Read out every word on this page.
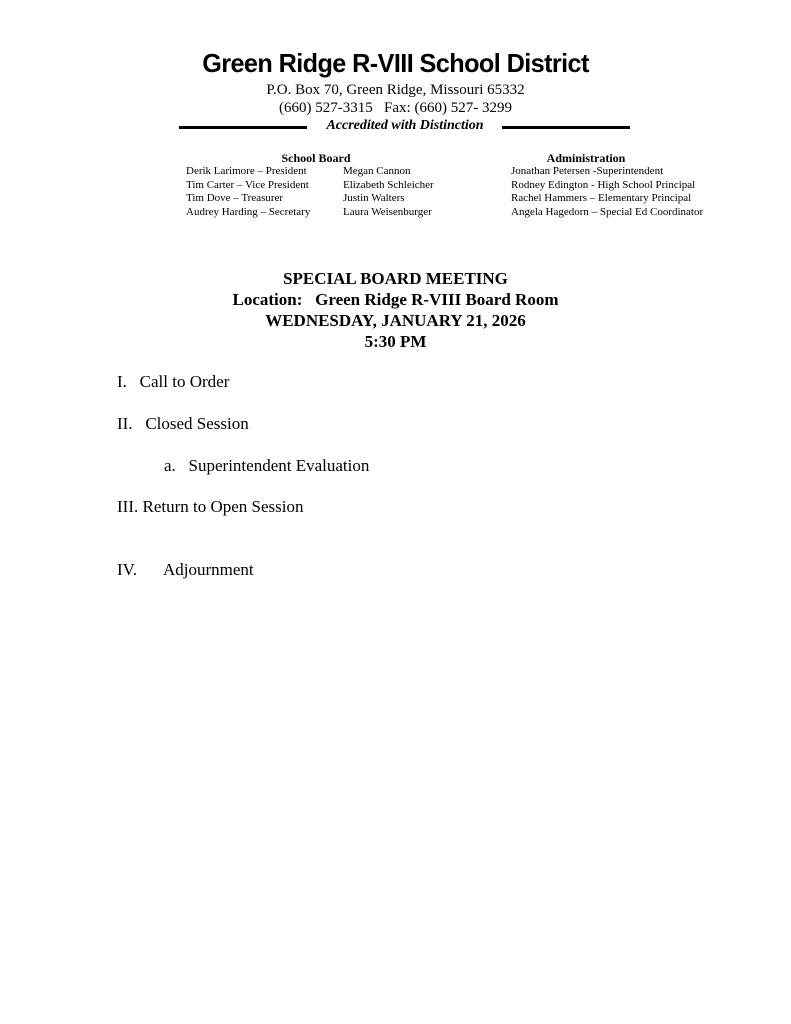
Green Ridge R-VIII School District
P.O. Box 70, Green Ridge, Missouri 65332
(660) 527-3315 Fax: (660) 527- 3299
Accredited with Distinction
School Board
Derik Larimore – President
Tim Carter – Vice President
Tim Dove – Treasurer
Audrey Harding – Secretary
Megan Cannon
Elizabeth Schleicher
Justin Walters
Laura Weisenburger
Administration
Jonathan Petersen -Superintendent
Rodney Edington - High School Principal
Rachel Hammers – Elementary Principal
Angela Hagedorn – Special Ed Coordinator
SPECIAL BOARD MEETING
Location:   Green Ridge R-VIII Board Room
WEDNESDAY, JANUARY 21, 2026
5:30 PM
I. Call to Order
II. Closed Session
a. Superintendent Evaluation
III. Return to Open Session
IV. Adjournment
